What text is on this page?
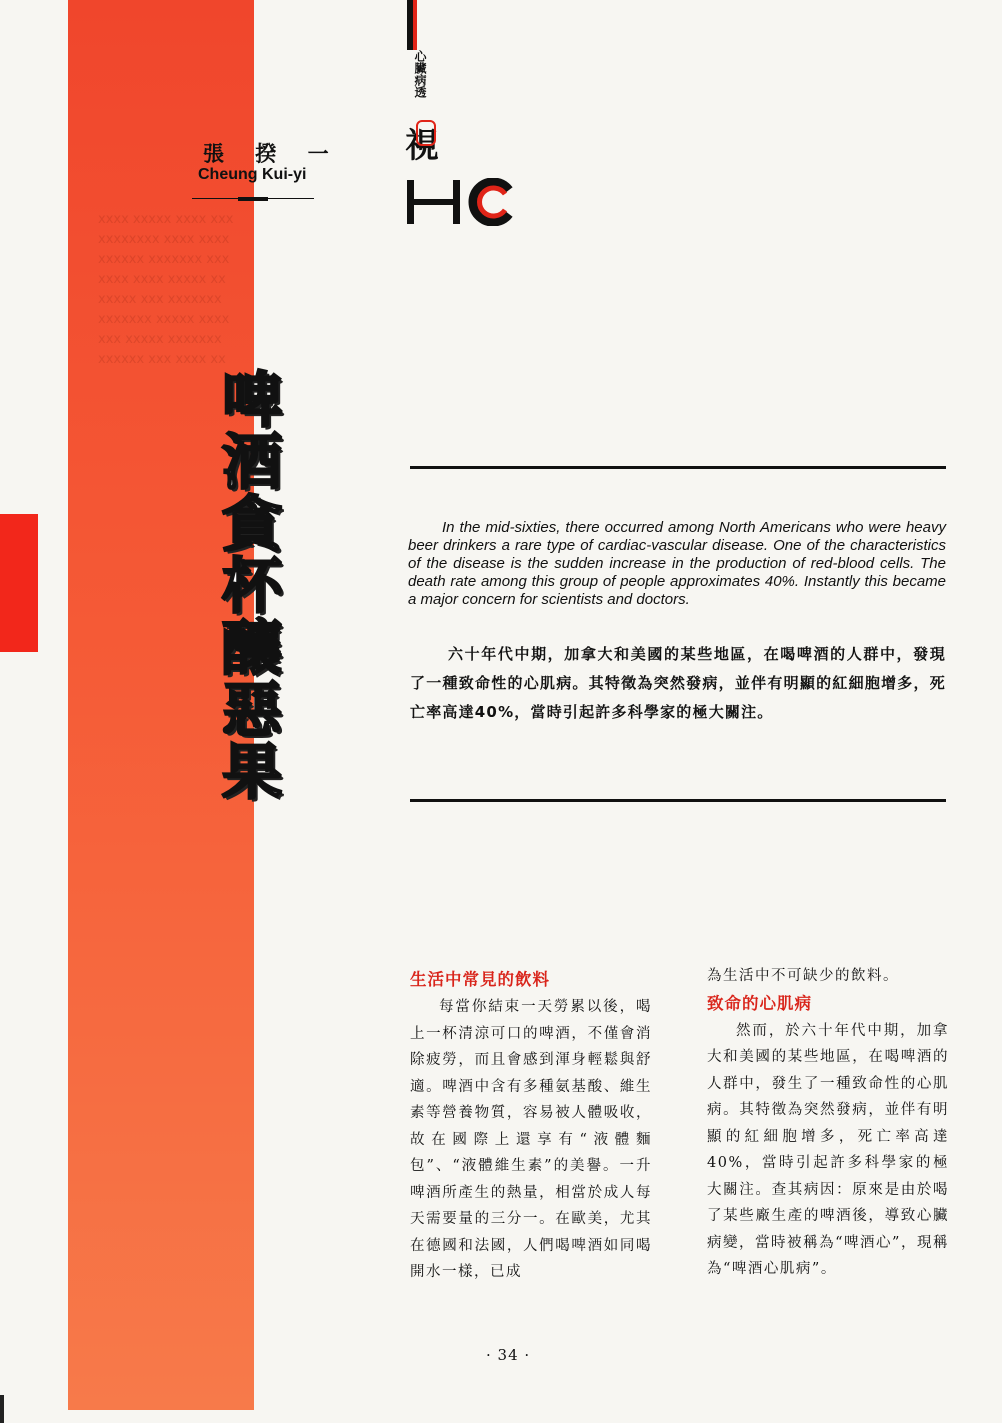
xxxx xxxxx xxxx xxx
xxxxxxxx xxxx xxxx
xxxxxx xxxxxxx xxx
xxxx xxxx xxxxx xx
xxxxx xxx xxxxxxx
xxxxxxx xxxxx xxxx
xxx xxxxx xxxxxxx
xxxxxx xxx xxxx xx
張 揆 一
Cheung Kui-yi
心臟病透
視
啤酒貪杯釀惡果	In the mid-sixties, there occurred among North Americans who were heavy beer drinkers a rare type of cardiac-vascular disease. One of the characteristics of the disease is the sudden increase in the production of red-blood cells. The death rate among this group of people approximates 40%. Instantly this became a major concern for scientists and doctors.
六十年代中期，加拿大和美國的某些地區，在喝啤酒的人群中，發現了一種致命性的心肌病。其特徵為突然發病，並伴有明顯的紅細胞增多，死亡率高達40%，當時引起許多科學家的極大關注。
生活中常見的飲料

每當你結束一天勞累以後，喝上一杯清涼可口的啤酒，不僅會消除疲勞，而且會感到渾身輕鬆與舒適。啤酒中含有多種氨基酸、維生素等營養物質，容易被人體吸收，故在國際上還享有“液體麵包”、“液體維生素”的美譽。一升啤酒所產生的熱量，相當於成人每天需要量的三分一。在歐美，尤其在德國和法國，人們喝啤酒如同喝開水一樣，已成

為生活中不可缺少的飲料。

致命的心肌病

然而，於六十年代中期，加拿大和美國的某些地區，在喝啤酒的人群中，發生了一種致命性的心肌病。其特徵為突然發病，並伴有明顯的紅細胞增多，死亡率高達40%，當時引起許多科學家的極大關注。查其病因：原來是由於喝了某些廠生產的啤酒後，導致心臟病變，當時被稱為“啤酒心”，現稱為“啤酒心肌病”。

· 34 ·
